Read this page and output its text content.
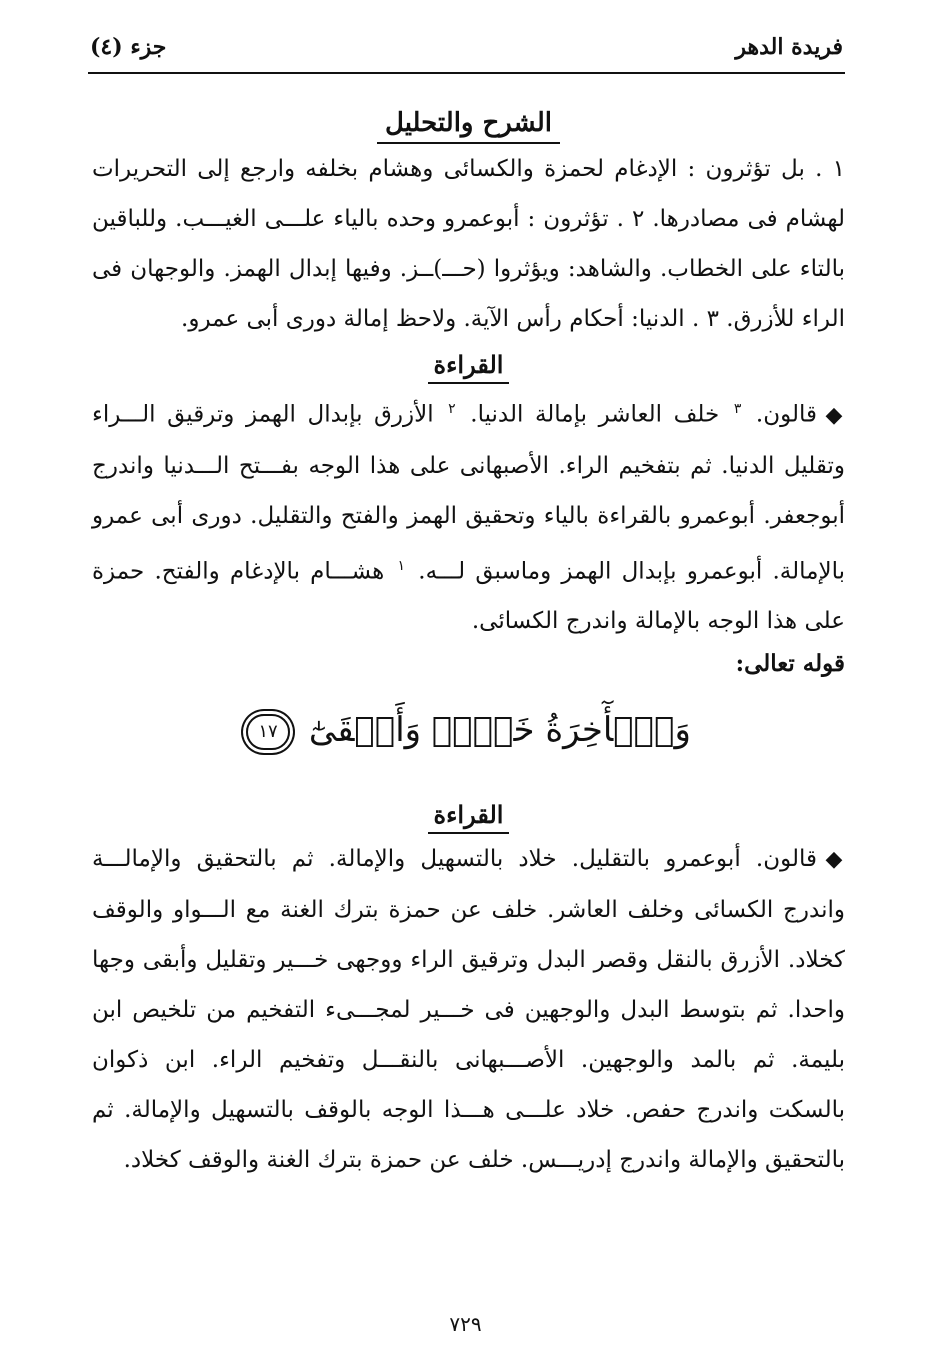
فريدة الدهر
جزء (٤)
الشرح والتحليل

١ . بل تؤثرون : الإدغام لحمزة والكسائى وهشام بخلفه وارجع إلى التحريرات لهشام فى مصادرها. ٢ . تؤثرون : أبوعمرو وحده بالياء علـــى الغيـــب. وللباقين بالتاء على الخطاب. والشاهد: ويؤثروا (حـــ)ــز. وفيها إبدال الهمز. والوجهان فى الراء للأزرق. ٣ . الدنيا: أحكام رأس الآية. ولاحظ إمالة دورى أبى عمرو.

القراءة

◆قالون. $^٣$ خلف العاشر بإمالة الدنيا. $^٢$ الأزرق بإبدال الهمز وترقيق الـــراء وتقليل الدنيا. ثم بتفخيم الراء. الأصبهانى على هذا الوجه بفـــتح الـــدنيا واندرج أبوجعفر. أبوعمرو بالقراءة بالياء وتحقيق الهمز والفتح والتقليل. دورى أبى عمرو بالإمالة. أبوعمرو بإبدال الهمز وماسبق لـــه. $^١$ هشـــام بالإدغام والفتح. حمزة على هذا الوجه بالإمالة واندرج الكسائى.

قوله تعالى:

وَٱلۡأٓخِرَةُ خَيۡرٞ وَأَبۡقَىٰٓ ١٧
القراءة

◆قالون. أبوعمرو بالتقليل. خلاد بالتسهيل والإمالة. ثم بالتحقيق والإمالـــة واندرج الكسائى وخلف العاشر. خلف عن حمزة بترك الغنة مع الـــواو والوقف كخلاد. الأزرق بالنقل وقصر البدل وترقيق الراء ووجهى خـــير وتقليل وأبقى وجها واحدا. ثم بتوسط البدل والوجهين فى خـــير لمجـــىء التفخيم من تلخيص ابن بليمة. ثم بالمد والوجهين. الأصـــبهانى بالنقـــل وتفخيم الراء. ابن ذكوان بالسكت واندرج حفص. خلاد علـــى هـــذا الوجه بالوقف بالتسهيل والإمالة. ثم بالتحقيق والإمالة واندرج إدريـــس. خلف عن حمزة بترك الغنة والوقف كخلاد.

٧٢٩
